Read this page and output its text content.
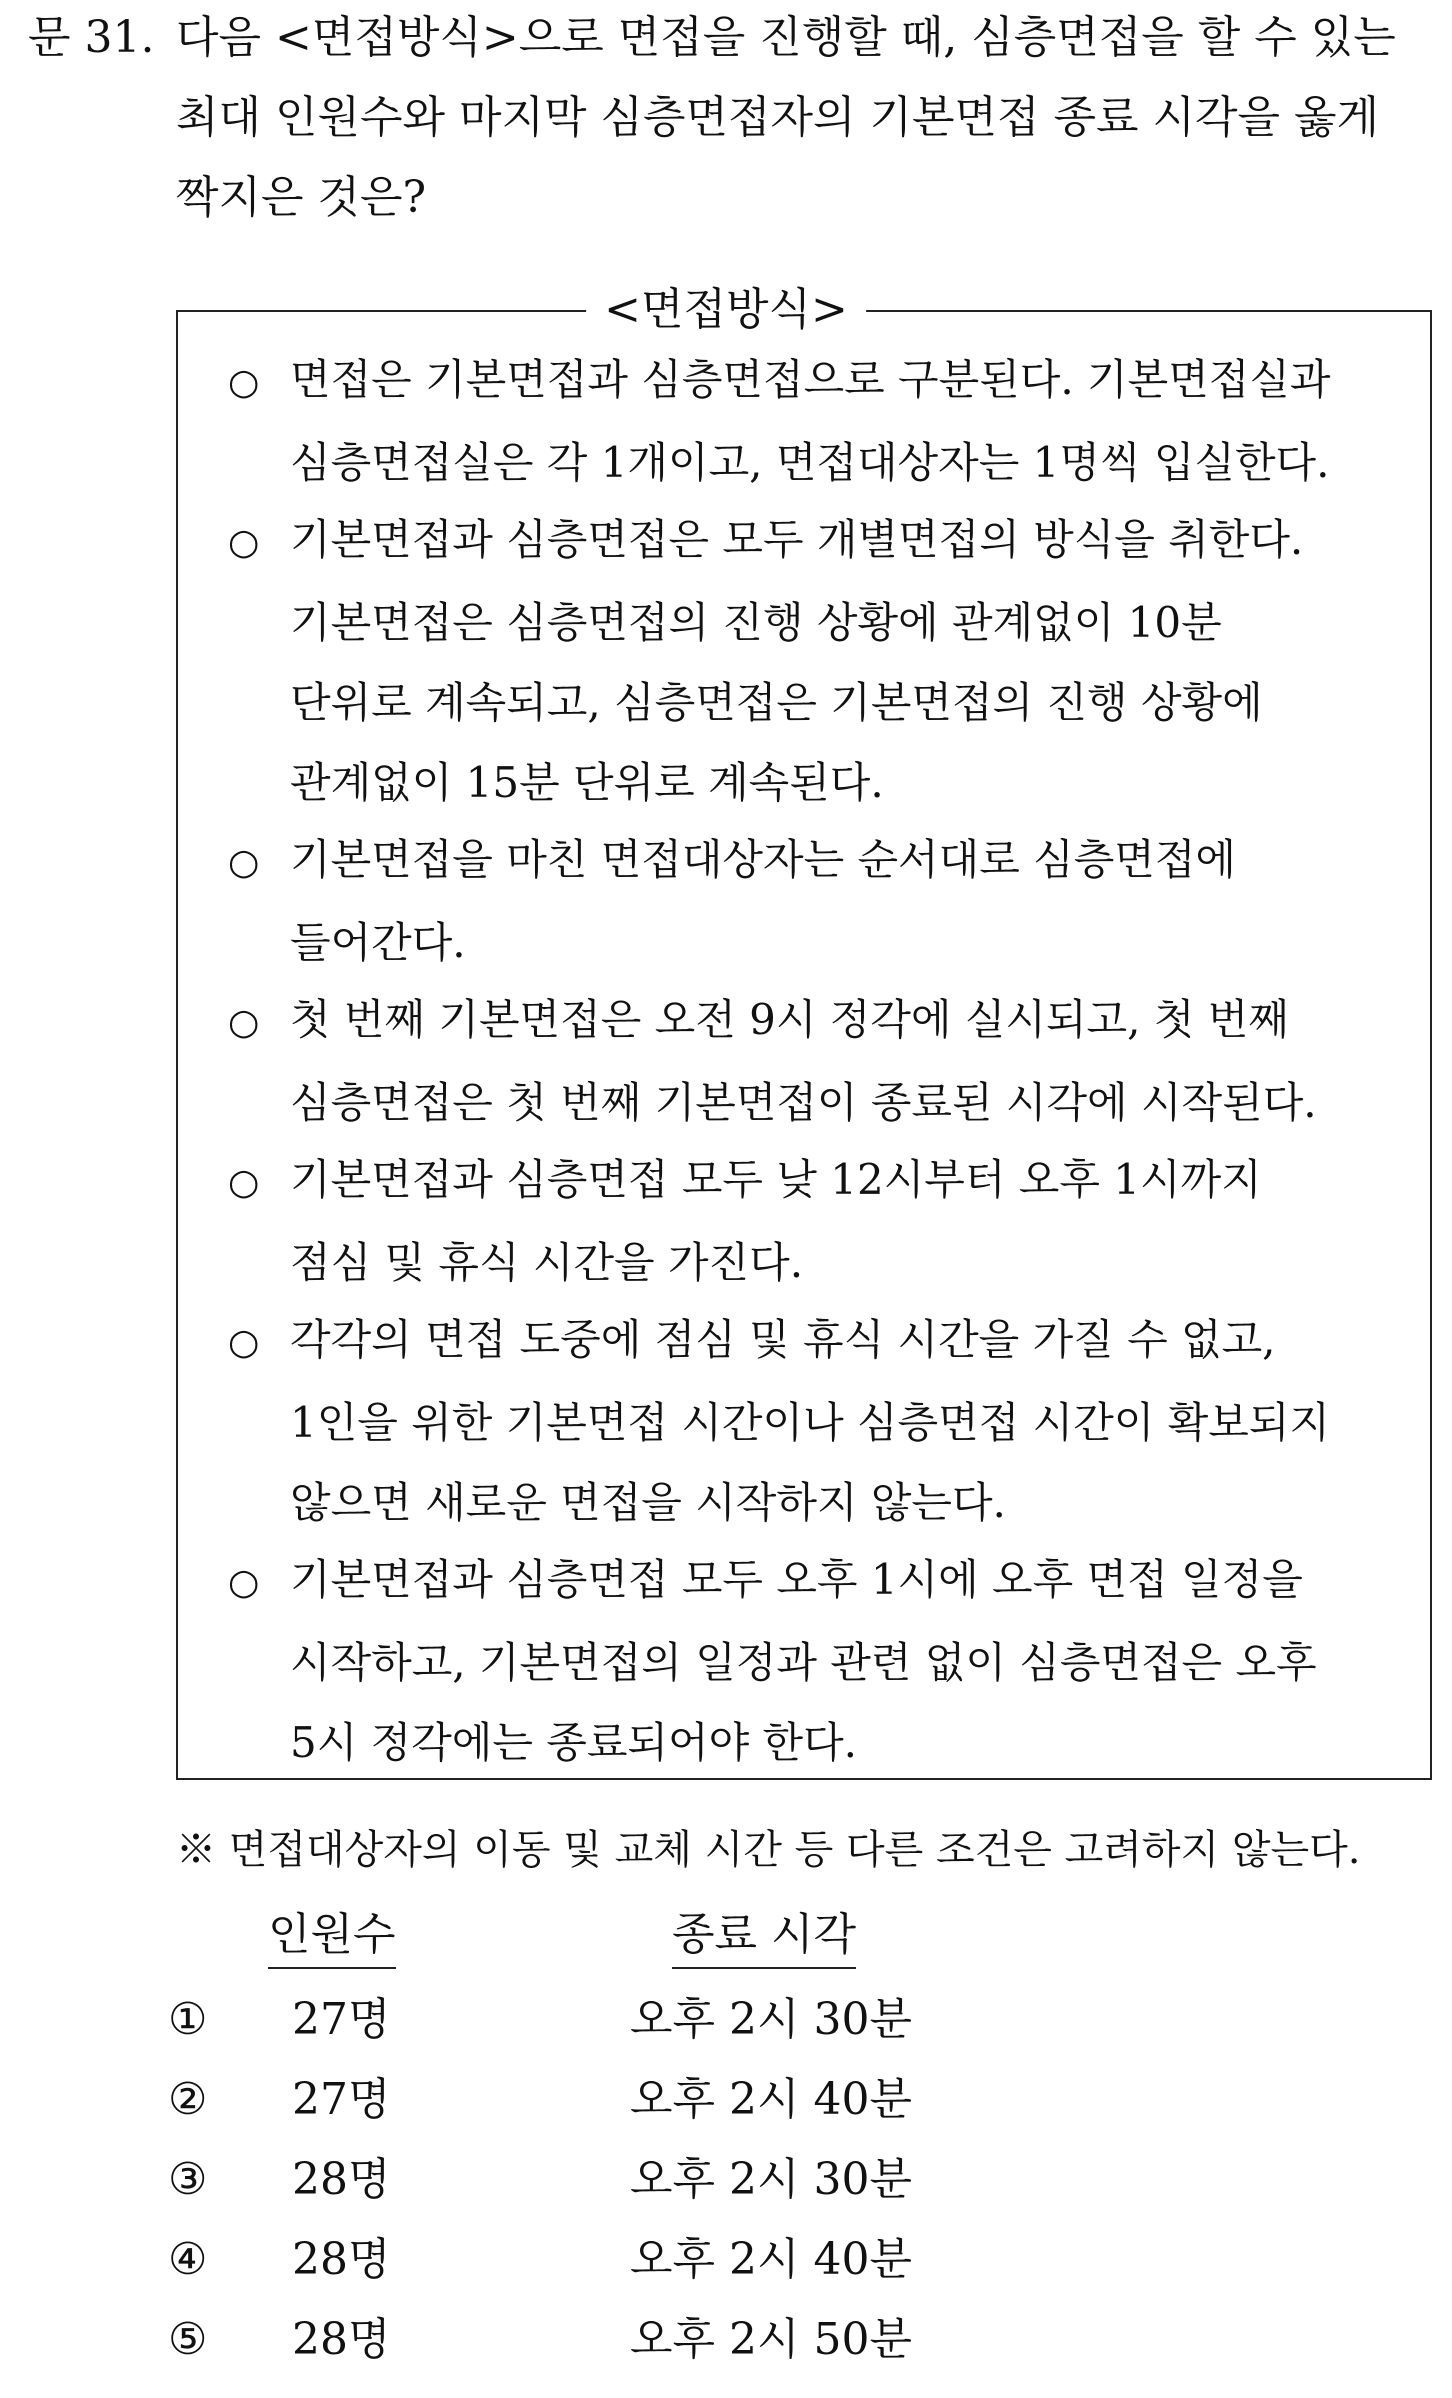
문 31. 다음 <면접방식>으로 면접을 진행할 때, 심층면접을 할 수 있는
최대 인원수와 마지막 심층면접자의 기본면접 종료 시각을 옳게
짝지은 것은?
<면접방식>
○ 면접은 기본면접과 심층면접으로 구분된다. 기본면접실과
심층면접실은 각 1개이고, 면접대상자는 1명씩 입실한다.
○ 기본면접과 심층면접은 모두 개별면접의 방식을 취한다.
기본면접은 심층면접의 진행 상황에 관계없이 10분
단위로 계속되고, 심층면접은 기본면접의 진행 상황에
관계없이 15분 단위로 계속된다.
○ 기본면접을 마친 면접대상자는 순서대로 심층면접에
들어간다.
○ 첫 번째 기본면접은 오전 9시 정각에 실시되고, 첫 번째
심층면접은 첫 번째 기본면접이 종료된 시각에 시작된다.
○ 기본면접과 심층면접 모두 낮 12시부터 오후 1시까지
점심 및 휴식 시간을 가진다.
○ 각각의 면접 도중에 점심 및 휴식 시간을 가질 수 없고,
1인을 위한 기본면접 시간이나 심층면접 시간이 확보되지
않으면 새로운 면접을 시작하지 않는다.
○ 기본면접과 심층면접 모두 오후 1시에 오후 면접 일정을
시작하고, 기본면접의 일정과 관련 없이 심층면접은 오후
5시 정각에는 종료되어야 한다.
※ 면접대상자의 이동 및 교체 시간 등 다른 조건은 고려하지 않는다.
인원수	종료 시각
① 27명	오후 2시 30분
② 27명	오후 2시 40분
③ 28명	오후 2시 30분
④ 28명	오후 2시 40분
⑤ 28명	오후 2시 50분
